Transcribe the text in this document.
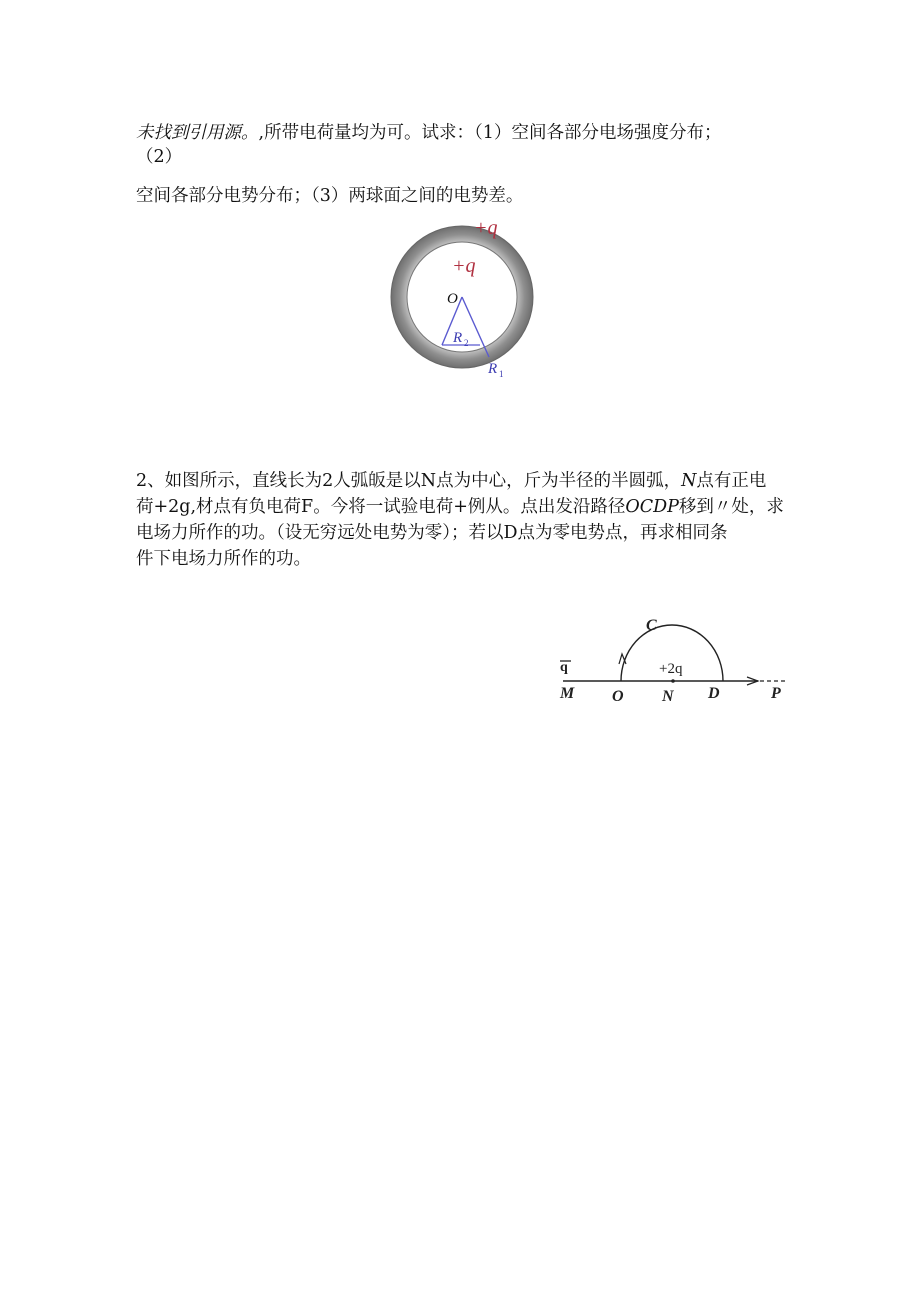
未找到引用源。,所带电荷量均为可。试求：（1）空间各部分电场强度分布；
（2）
空间各部分电势分布；（3）两球面之间的电势差。
+q
+q
O
R 2
R 1
2、如图所示，直线长为2人弧皈是以N点为中心，斤为半径的半圆弧，N点有正电
荷+2g,材点有负电荷F。今将一试验电荷+例从。点出发沿路径OCDP移到〃处，求
电场力所作的功。（设无穷远处电势为零）；若以D点为零电势点，再求相同条
件下电场力所作的功。
q	+2q
M O N D	P
C
